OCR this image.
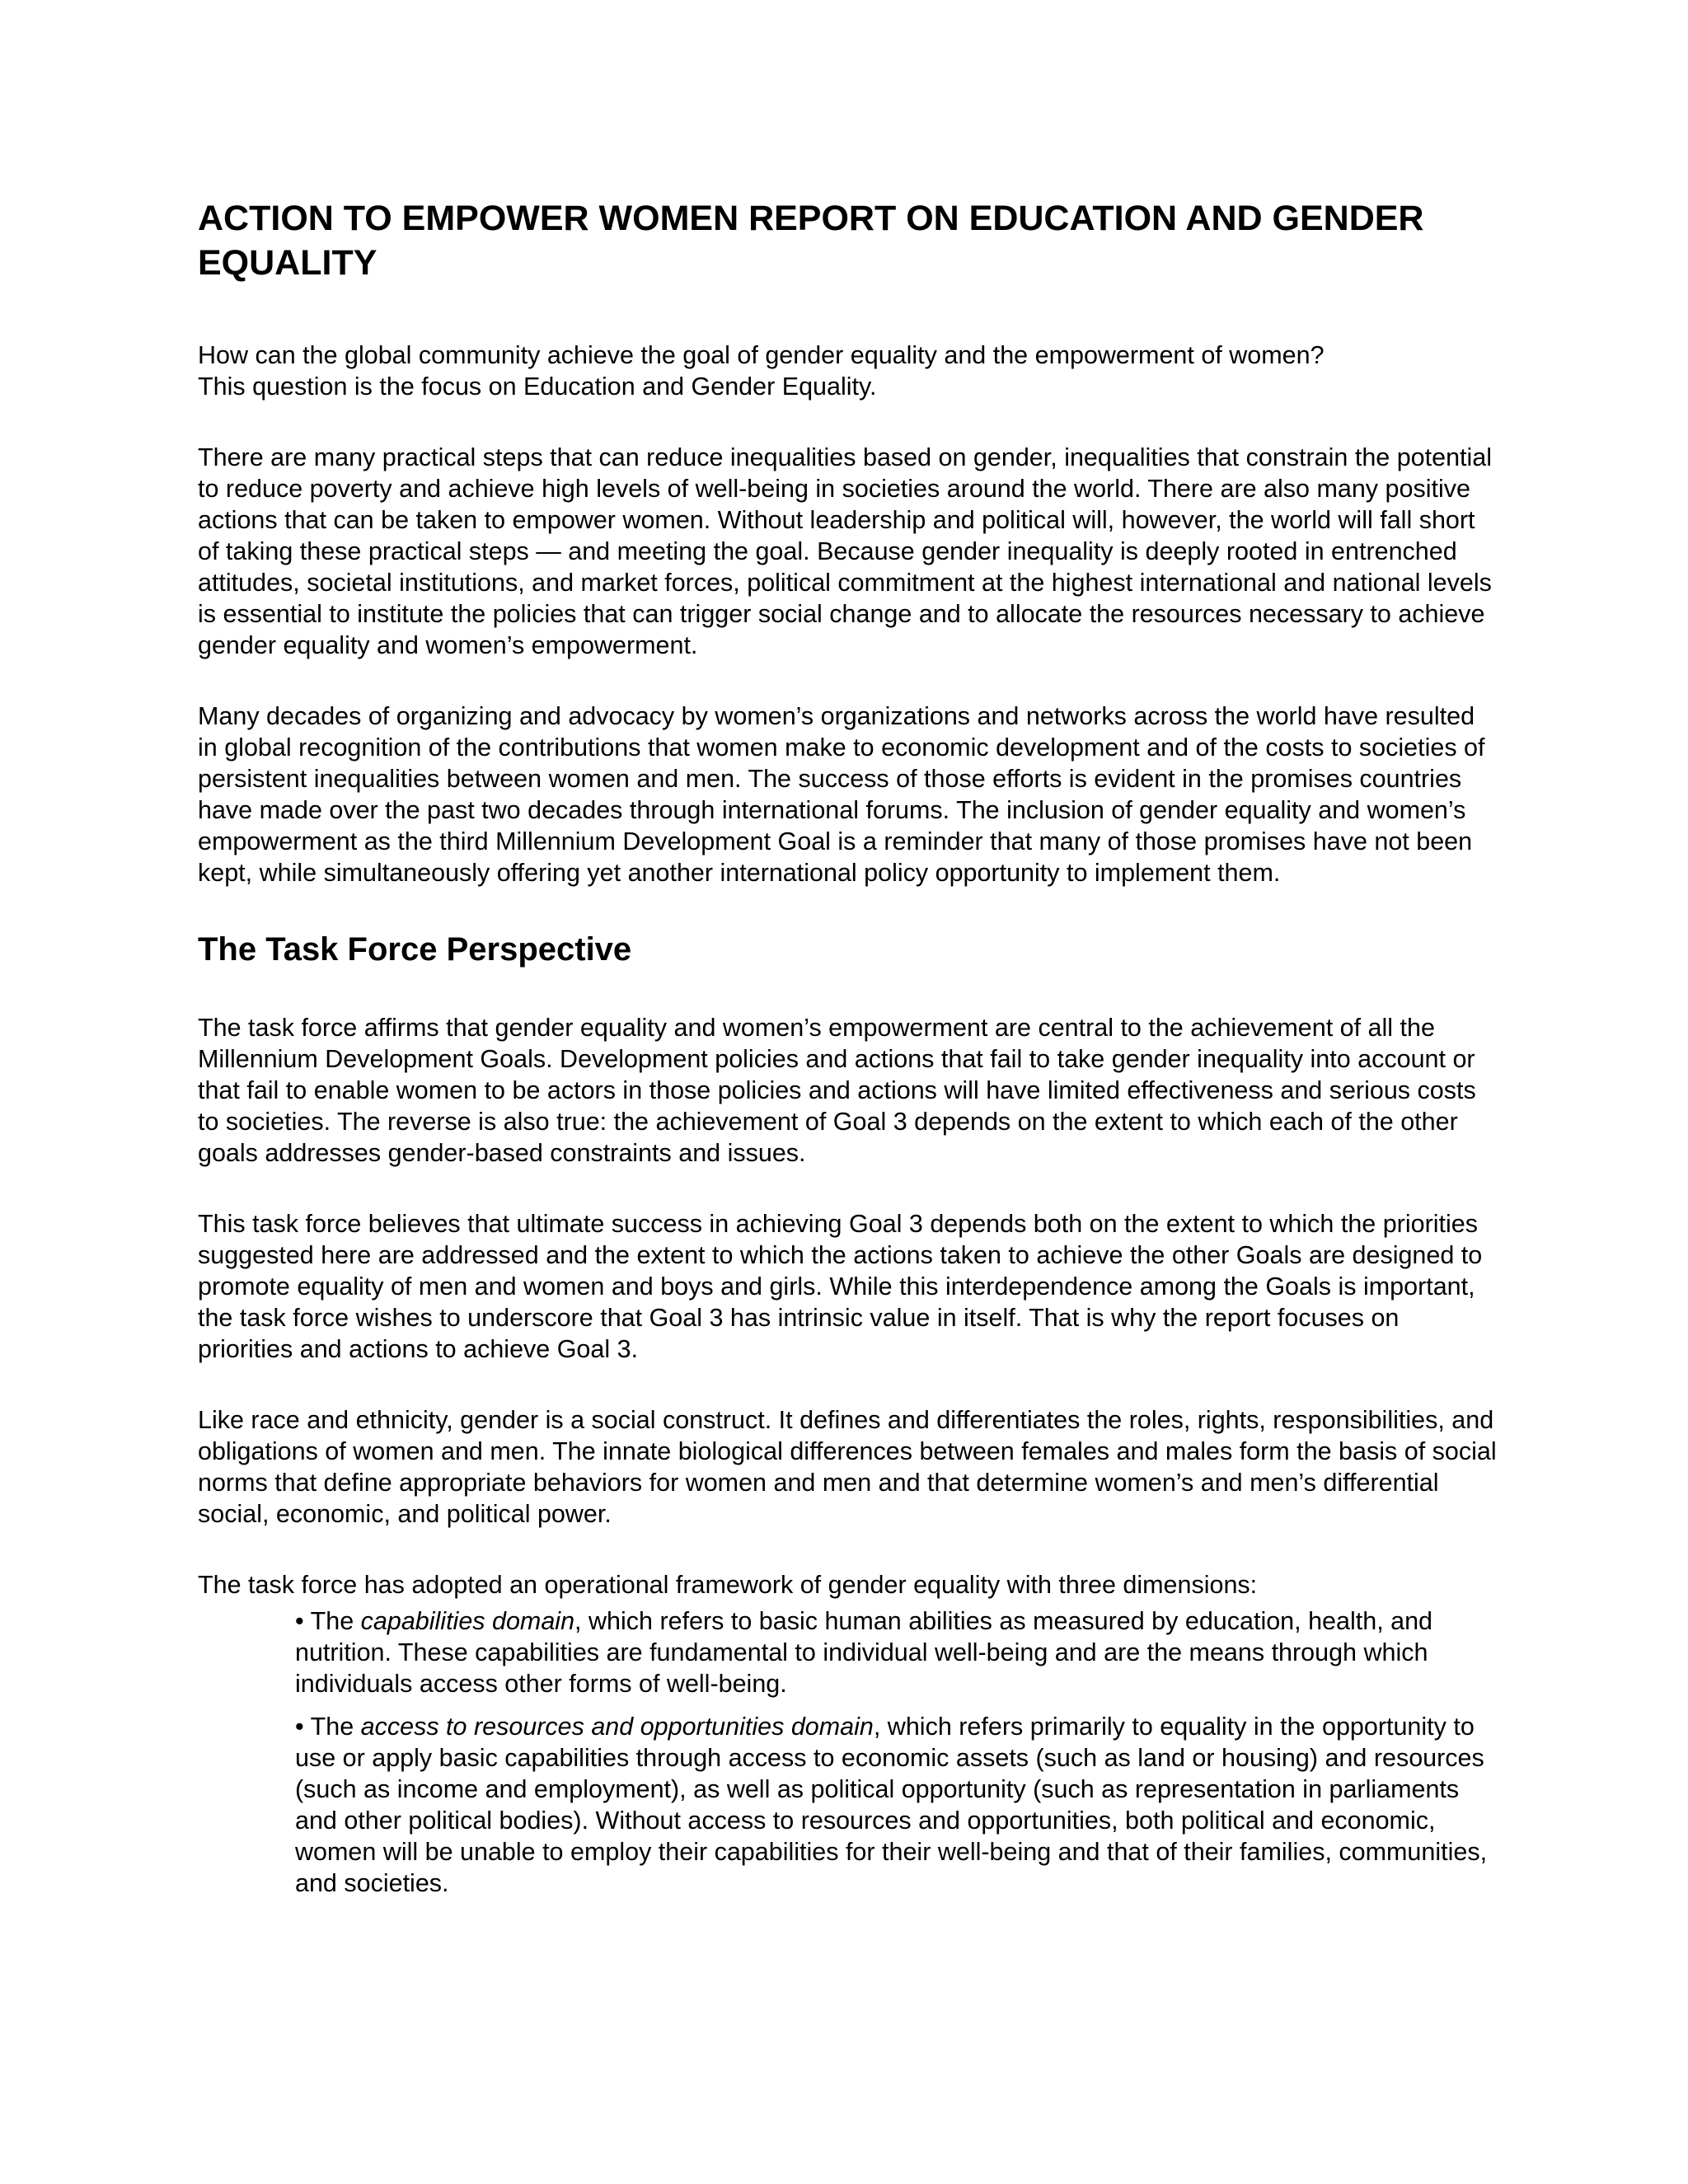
ACTION TO EMPOWER WOMEN REPORT ON EDUCATION AND GENDER EQUALITY

How can the global community achieve the goal of gender equality and the empowerment of women? This question is the focus on Education and Gender Equality.

There are many practical steps that can reduce inequalities based on gender, inequalities that constrain the potential to reduce poverty and achieve high levels of well-being in societies around the world. There are also many positive actions that can be taken to empower women. Without leadership and political will, however, the world will fall short of taking these practical steps — and meeting the goal. Because gender inequality is deeply rooted in entrenched attitudes, societal institutions, and market forces, political commitment at the highest international and national levels is essential to institute the policies that can trigger social change and to allocate the resources necessary to achieve gender equality and women’s empowerment.

Many decades of organizing and advocacy by women’s organizations and networks across the world have resulted in global recognition of the contributions that women make to economic development and of the costs to societies of persistent inequalities between women and men. The success of those efforts is evident in the promises countries have made over the past two decades through international forums. The inclusion of gender equality and women’s empowerment as the third Millennium Development Goal is a reminder that many of those promises have not been kept, while simultaneously offering yet another international policy opportunity to implement them.

The Task Force Perspective

The task force affirms that gender equality and women’s empowerment are central to the achievement of all the Millennium Development Goals. Development policies and actions that fail to take gender inequality into account or that fail to enable women to be actors in those policies and actions will have limited effectiveness and serious costs to societies. The reverse is also true: the achievement of Goal 3 depends on the extent to which each of the other goals addresses gender-based constraints and issues.

This task force believes that ultimate success in achieving Goal 3 depends both on the extent to which the priorities suggested here are addressed and the extent to which the actions taken to achieve the other Goals are designed to promote equality of men and women and boys and girls. While this interdependence among the Goals is important, the task force wishes to underscore that Goal 3 has intrinsic value in itself. That is why the report focuses on priorities and actions to achieve Goal 3.

Like race and ethnicity, gender is a social construct. It defines and differentiates the roles, rights, responsibilities, and obligations of women and men. The innate biological differences between females and males form the basis of social norms that define appropriate behaviors for women and men and that determine women’s and men’s differential social, economic, and political power.

The task force has adopted an operational framework of gender equality with three dimensions:

• The capabilities domain, which refers to basic human abilities as measured by education, health, and nutrition. These capabilities are fundamental to individual well-being and are the means through which individuals access other forms of well-being.
• The access to resources and opportunities domain, which refers primarily to equality in the opportunity to use or apply basic capabilities through access to economic assets (such as land or housing) and resources (such as income and employment), as well as political opportunity (such as representation in parliaments and other political bodies). Without access to resources and opportunities, both political and economic, women will be unable to employ their capabilities for their well-being and that of their families, communities, and societies.
